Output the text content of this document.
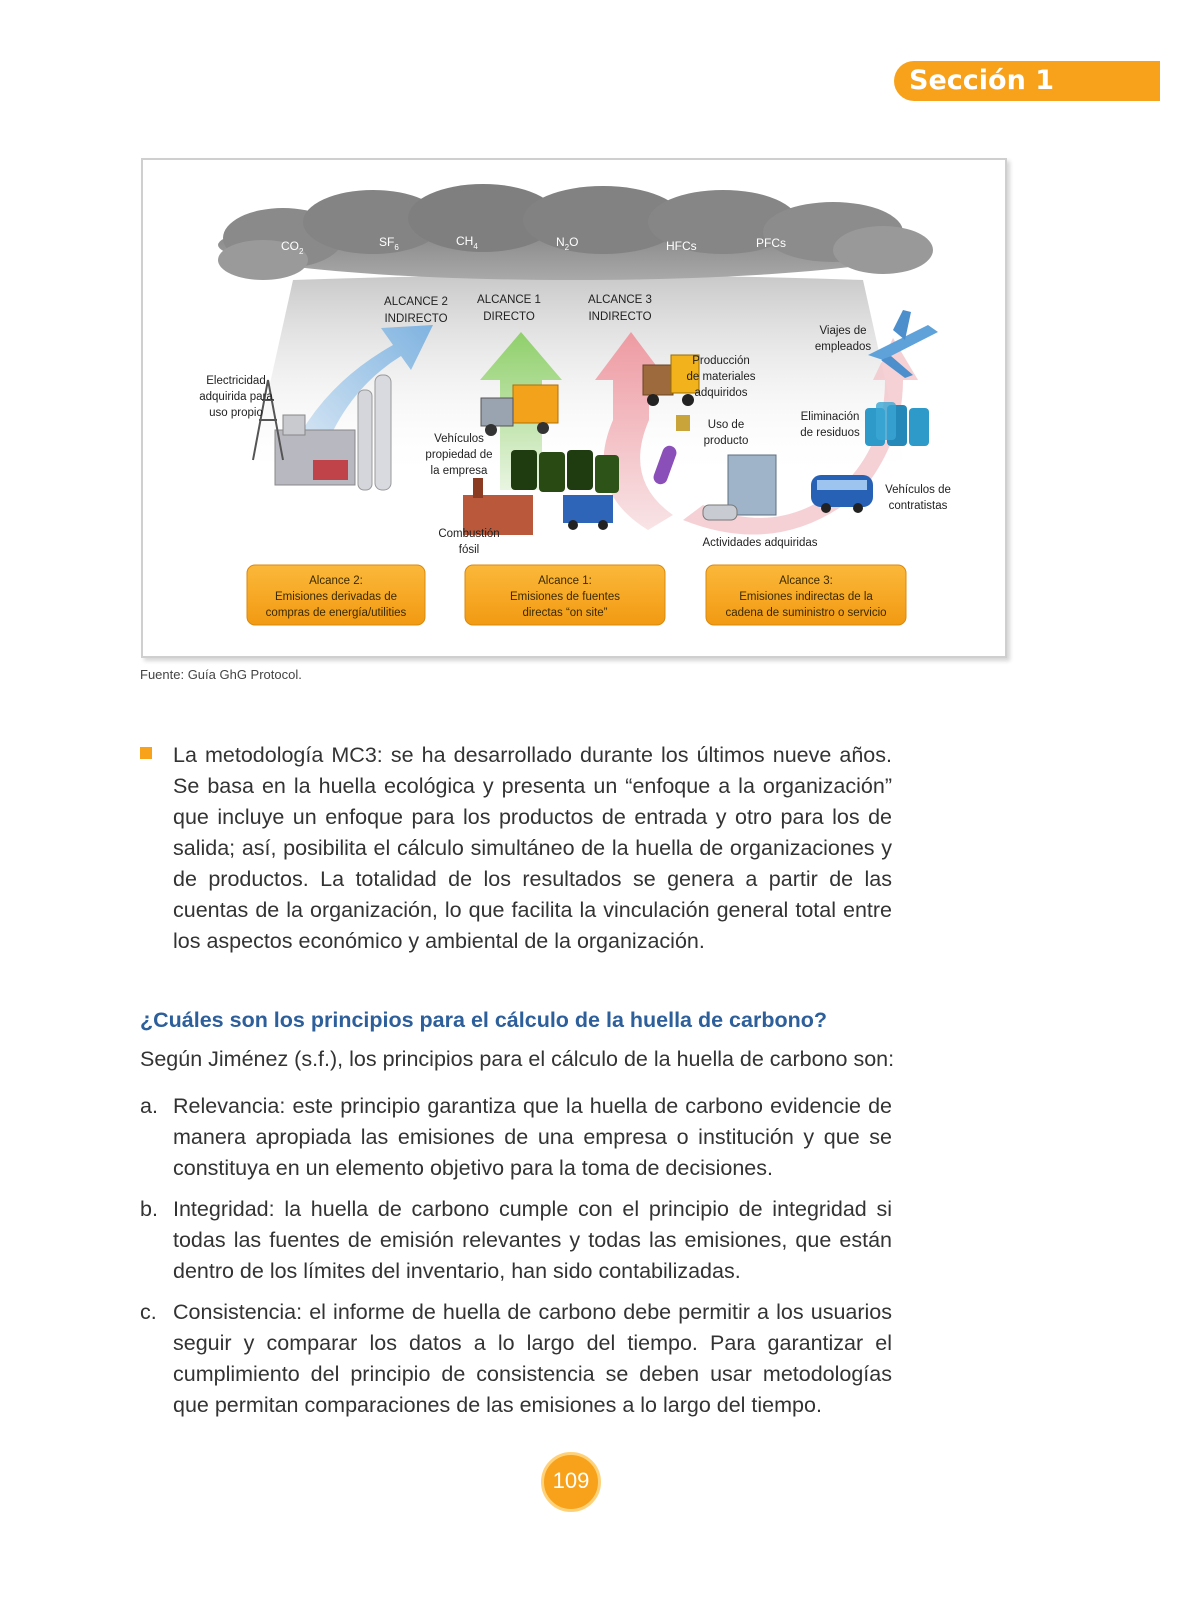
Sección 1
$CO_2$
$SF_6$	$CH_4$	$N_2O$	HFCs	PFCs
ALCANCE 2 INDIRECTO
ALCANCE 1 DIRECTO
ALCANCE 3 INDIRECTO
Electricidad adquirida para uso propio
Vehículos propiedad de la empresa
Combustión fósil
Producción de materiales adquiridos
Viajes de empleados
Uso de producto
Eliminación de residuos
Vehículos de contratistas
Actividades adquiridas
Alcance 2: Emisiones derivadas de compras de energía/utilities
Alcance 1: Emisiones de fuentes directas “on site”
Alcance 3: Emisiones indirectas de la cadena de suministro o servicio
Fuente: Guía GhG Protocol.

La metodología MC3: se ha desarrollado durante los últimos nueve años. Se basa en la huella ecológica y presenta un “enfoque a la organización” que incluye un enfoque para los productos de entrada y otro para los de salida; así, posibilita el cálculo simultáneo de la huella de organizaciones y de productos. La totalidad de los resultados se genera a partir de las cuentas de la organización, lo que facilita la vinculación general total entre los aspectos económico y ambiental de la organización.

¿Cuáles son los principios para el cálculo de la huella de carbono?

Según Jiménez (s.f.), los principios para el cálculo de la huella de carbono son:

a. Relevancia: este principio garantiza que la huella de carbono evidencie de manera apropiada las emisiones de una empresa o institución y que se constituya en un elemento objetivo para la toma de decisiones.

b. Integridad: la huella de carbono cumple con el principio de integridad si todas las fuentes de emisión relevantes y todas las emisiones, que están dentro de los límites del inventario, han sido contabilizadas.

c. Consistencia: el informe de huella de carbono debe permitir a los usuarios seguir y comparar los datos a lo largo del tiempo. Para garantizar el cumplimiento del principio de consistencia se deben usar metodologías que permitan comparaciones de las emisiones a lo largo del tiempo.

109
